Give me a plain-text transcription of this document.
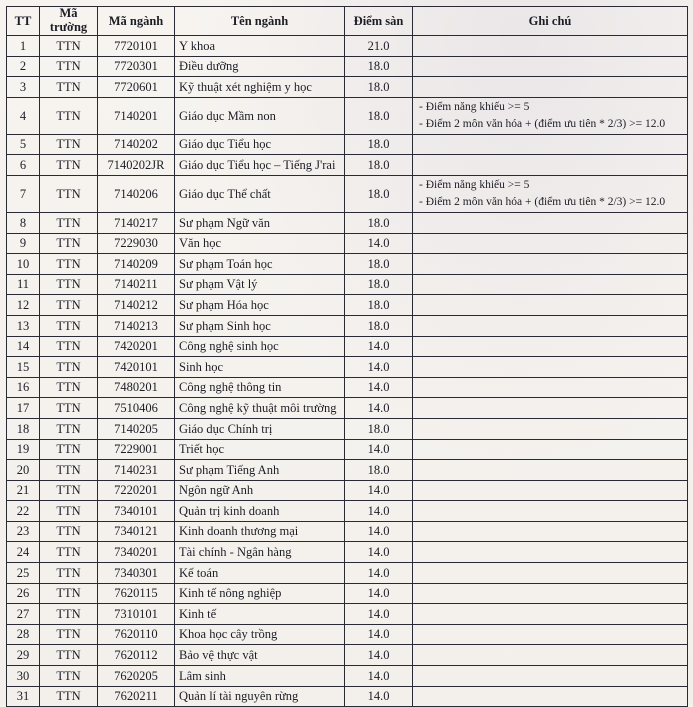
TT	Mã trường	Mã ngành	Tên ngành	Điểm sàn	Ghi chú
1	TTN	7720101	Y khoa	21.0	
2	TTN	7720301	Điều dưỡng	18.0	
3	TTN	7720601	Kỹ thuật xét nghiệm y học	18.0	
4	TTN	7140201	Giáo dục Mầm non	18.0	- Điểm năng khiếu >= 5
- Điểm 2 môn văn hóa + (điểm ưu tiên * 2/3) >= 12.0

5	TTN	7140202	Giáo dục Tiểu học	18.0	
6	TTN	7140202JR	Giáo dục Tiểu học – Tiếng J'rai	18.0	
7	TTN	7140206	Giáo dục Thể chất	18.0	- Điểm năng khiếu >= 5
- Điểm 2 môn văn hóa + (điểm ưu tiên * 2/3) >= 12.0

8	TTN	7140217	Sư phạm Ngữ văn	18.0	
9	TTN	7229030	Văn học	14.0	
10	TTN	7140209	Sư phạm Toán học	18.0	
11	TTN	7140211	Sư phạm Vật lý	18.0	
12	TTN	7140212	Sư phạm Hóa học	18.0	
13	TTN	7140213	Sư phạm Sinh học	18.0	
14	TTN	7420201	Công nghệ sinh học	14.0	
15	TTN	7420101	Sinh học	14.0	
16	TTN	7480201	Công nghệ thông tin	14.0	
17	TTN	7510406	Công nghệ kỹ thuật môi trường	14.0	
18	TTN	7140205	Giáo dục Chính trị	18.0	
19	TTN	7229001	Triết học	14.0	
20	TTN	7140231	Sư phạm Tiếng Anh	18.0	
21	TTN	7220201	Ngôn ngữ Anh	14.0	
22	TTN	7340101	Quản trị kinh doanh	14.0	
23	TTN	7340121	Kinh doanh thương mại	14.0	
24	TTN	7340201	Tài chính - Ngân hàng	14.0	
25	TTN	7340301	Kế toán	14.0	
26	TTN	7620115	Kinh tế nông nghiệp	14.0	
27	TTN	7310101	Kinh tế	14.0	
28	TTN	7620110	Khoa học cây trồng	14.0	
29	TTN	7620112	Bảo vệ thực vật	14.0	
30	TTN	7620205	Lâm sinh	14.0	
31	TTN	7620211	Quản lí tài nguyên rừng	14.0	
